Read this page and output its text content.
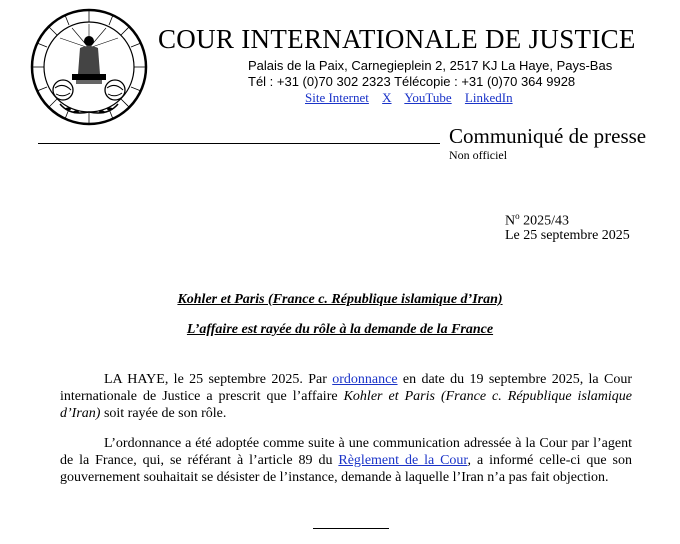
COUR INTERNATIONALE DE JUSTICE
Palais de la Paix, Carnegieplein 2, 2517 KJ La Haye, Pays-Bas
Tél : +31 (0)70 302 2323 Télécopie : +31 (0)70 364 9928
Site Internet X YouTube LinkedIn
Communiqué de presse
Non officiel
$N^o$ 2025/43
Le 25 septembre 2025
Kohler et Paris (France c. République islamique d’Iran)
L’affaire est rayée du rôle à la demande de la France
LA HAYE, le 25 septembre 2025. Par ordonnance en date du 19 septembre 2025, la Cour internationale de Justice a prescrit que l’affaire Kohler et Paris (France c. République islamique d’Iran) soit rayée de son rôle.
L’ordonnance a été adoptée comme suite à une communication adressée à la Cour par l’agent de la France, qui, se référant à l’article 89 du Règlement de la Cour, a informé celle-ci que son gouvernement souhaitait se désister de l’instance, demande à laquelle l’Iran n’a pas fait objection.
